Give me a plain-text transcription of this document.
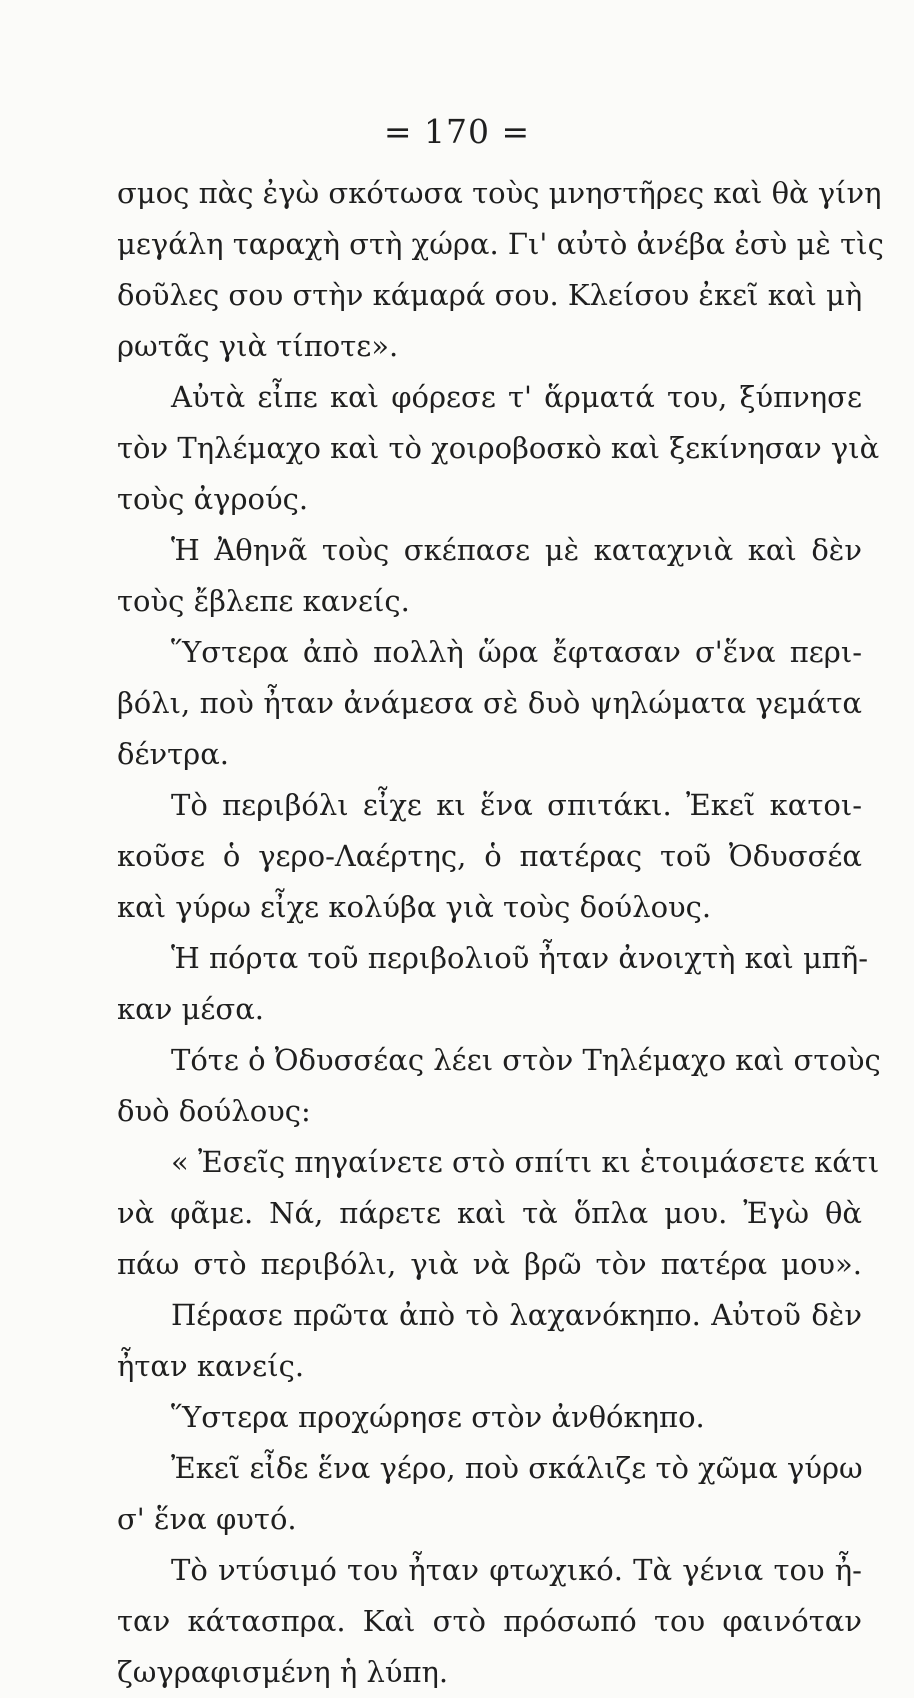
= 170 =
σμος πὰς ἐγὼ σκότωσα τοὺς μνηστῆρες καὶ θὰ γίνη
μεγάλη ταραχὴ στὴ χώρα. Γι' αὐτὸ ἀνέβα ἐσὺ μὲ τὶς
δοῦλες σου στὴν κάμαρά σου. Κλείσου ἐκεῖ καὶ μὴ
ρωτᾶς γιὰ τίποτε».
Αὐτὰ εἶπε καὶ φόρεσε τ' ἅρματά του, ξύπνησε
τὸν Τηλέμαχο καὶ τὸ χοιροβοσκὸ καὶ ξεκίνησαν γιὰ
τοὺς ἀγρούς.
Ἡ Ἀθηνᾶ τοὺς σκέπασε μὲ καταχνιὰ καὶ δὲν
τοὺς ἔβλεπε κανείς.
Ὕστερα ἀπὸ πολλὴ ὥρα ἔφτασαν σ'ἕνα περι-
βόλι, ποὺ ἦταν ἀνάμεσα σὲ δυὸ ψηλώματα γεμάτα
δέντρα.
Τὸ περιβόλι εἶχε κι ἕνα σπιτάκι. Ἐκεῖ κατοι-
κοῦσε ὁ γερο-Λαέρτης, ὁ πατέρας τοῦ Ὀδυσσέα
καὶ γύρω εἶχε κολύβα γιὰ τοὺς δούλους.
Ἡ πόρτα τοῦ περιβολιοῦ ἦταν ἀνοιχτὴ καὶ μπῆ-
καν μέσα.
Τότε ὁ Ὀδυσσέας λέει στὸν Τηλέμαχο καὶ στοὺς
δυὸ δούλους:
« Ἐσεῖς πηγαίνετε στὸ σπίτι κι ἑτοιμάσετε κάτι
νὰ φᾶμε. Νά, πάρετε καὶ τὰ ὅπλα μου. Ἐγὼ θὰ
πάω στὸ περιβόλι, γιὰ νὰ βρῶ τὸν πατέρα μου».
Πέρασε πρῶτα ἀπὸ τὸ λαχανόκηπο. Αὐτοῦ δὲν
ἦταν κανείς.
Ὕστερα προχώρησε στὸν ἀνθόκηπο.
Ἐκεῖ εἶδε ἕνα γέρο, ποὺ σκάλιζε τὸ χῶμα γύρω
σ' ἕνα φυτό.
Τὸ ντύσιμό του ἦταν φτωχικό. Τὰ γένια του ἦ-
ταν κάτασπρα. Καὶ στὸ πρόσωπό του φαινόταν
ζωγραφισμένη ἡ λύπη.
